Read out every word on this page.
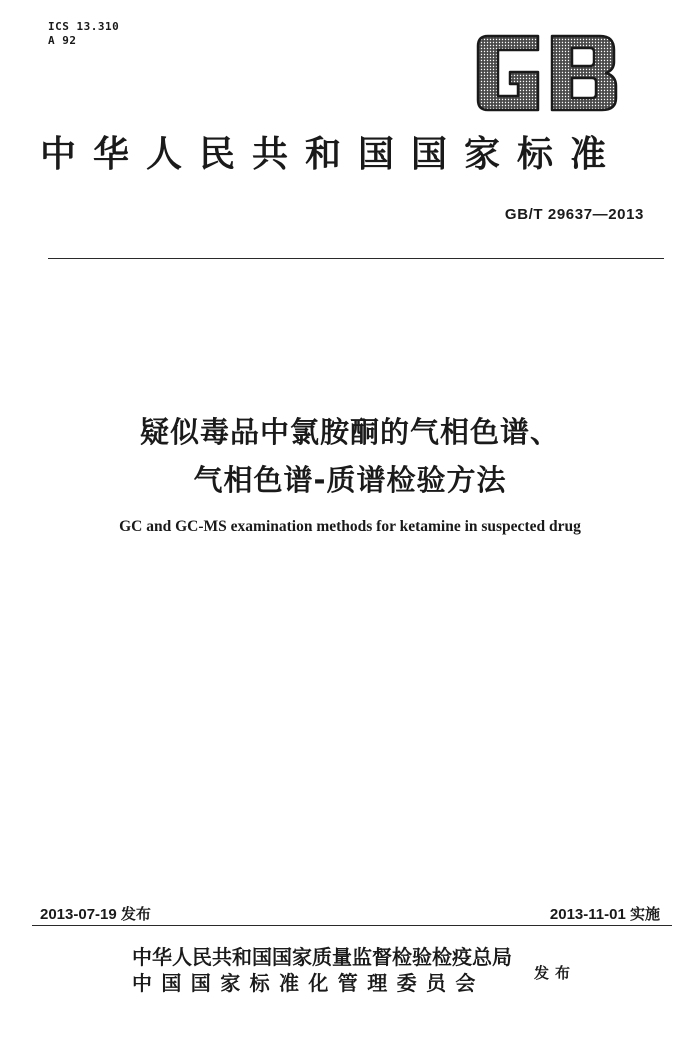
ICS 13.310
A 92
中华人民共和国国家标准
GB/T 29637—2013
疑似毒品中氯胺酮的气相色谱、
气相色谱-质谱检验方法
GC and GC-MS examination methods for ketamine in suspected drug
2013-07-19 发布	2013-11-01 实施
中华人民共和国国家质量监督检验检疫总局
中国国家标准化管理委员会	发布
